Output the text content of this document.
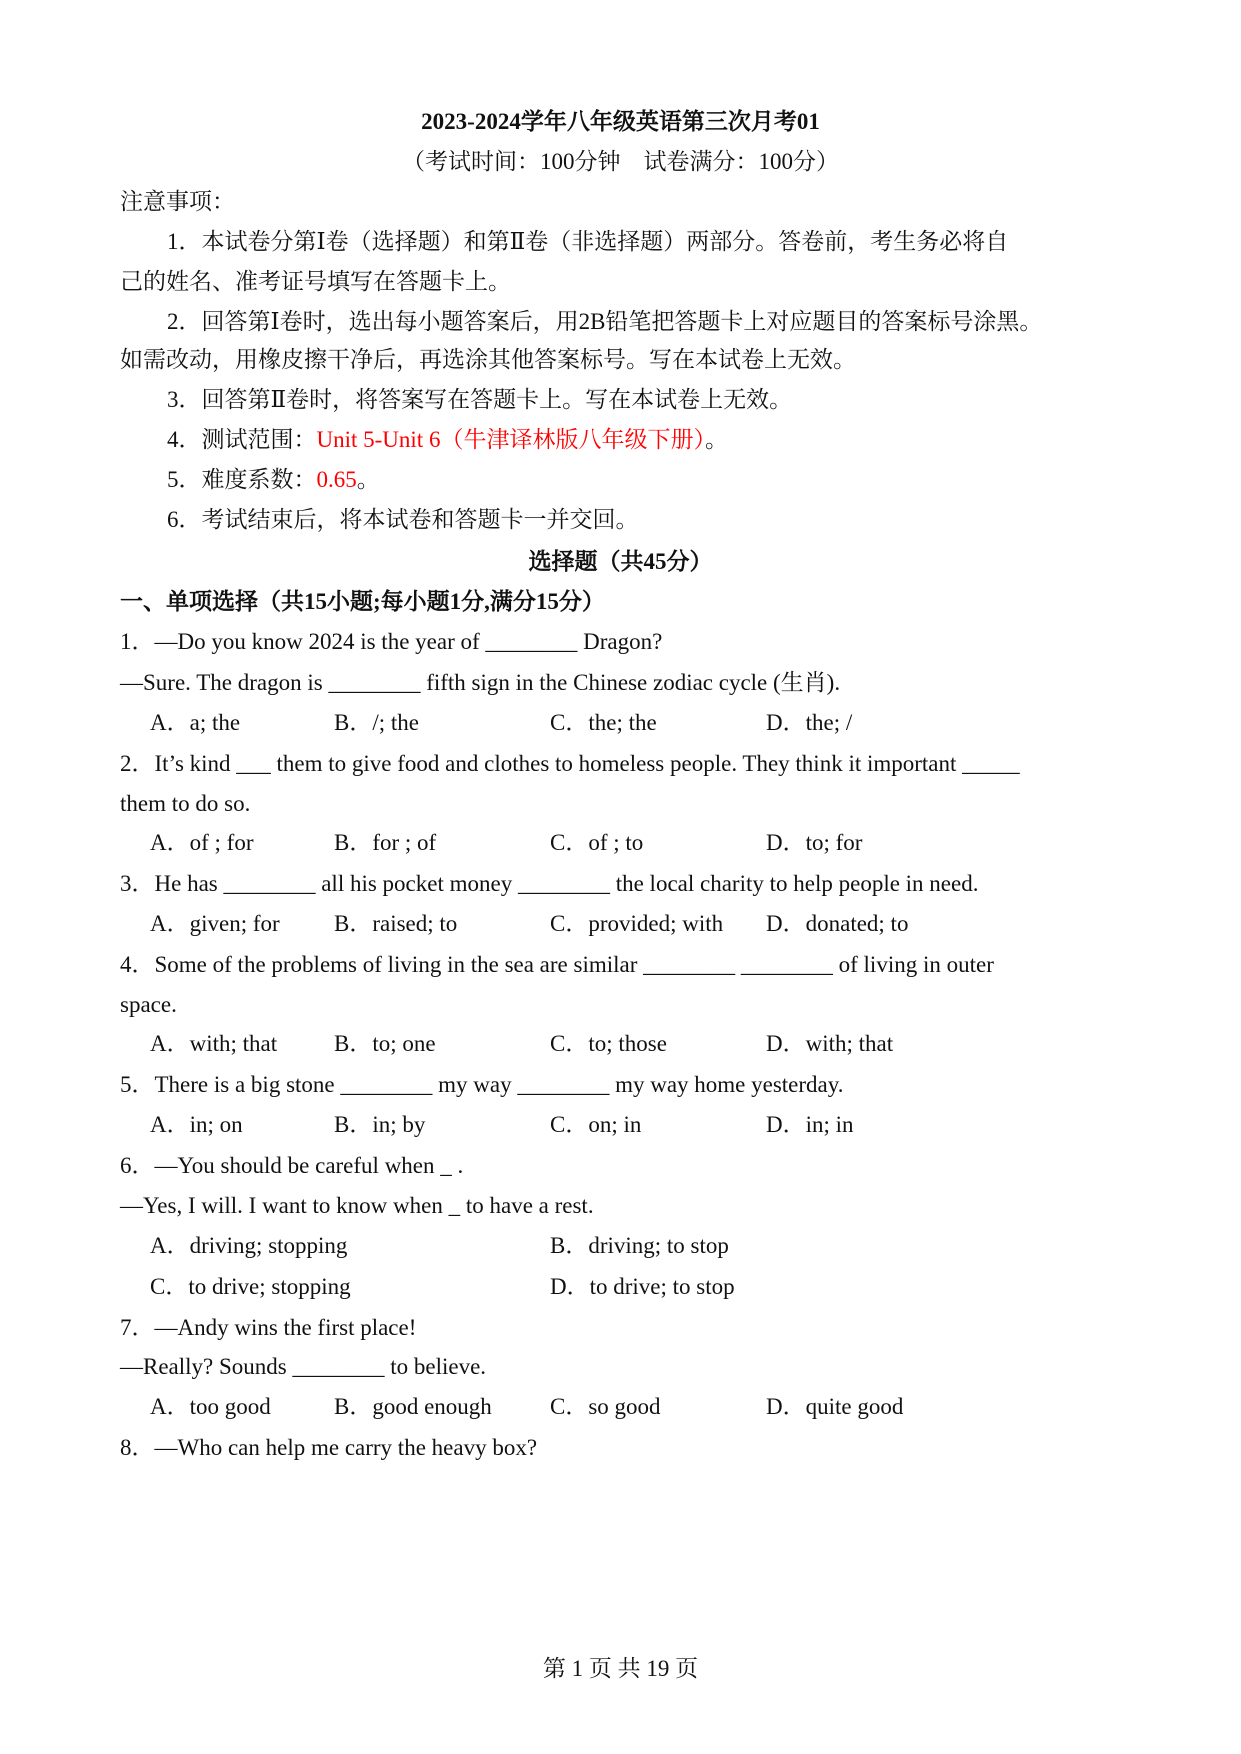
2023-2024学年八年级英语第三次月考01
（考试时间：100分钟　试卷满分：100分）
注意事项：
1．本试卷分第Ⅰ卷（选择题）和第Ⅱ卷（非选择题）两部分。答卷前，考生务必将自
己的姓名、准考证号填写在答题卡上。
2．回答第Ⅰ卷时，选出每小题答案后，用2B铅笔把答题卡上对应题目的答案标号涂黑。
如需改动，用橡皮擦干净后，再选涂其他答案标号。写在本试卷上无效。
3．回答第Ⅱ卷时，将答案写在答题卡上。写在本试卷上无效。
4．测试范围：Unit 5-Unit 6（牛津译林版八年级下册）。
5．难度系数：0.65。
6．考试结束后，将本试卷和答题卡一并交回。
选择题（共45分）
一、单项选择（共15小题;每小题1分,满分15分）
1．—Do you know 2024 is the year of ________ Dragon?
—Sure. The dragon is ________ fifth sign in the Chinese zodiac cycle (生肖).
A．a; the	B．/; the	C．the; the	D．the; /
2．It’s kind ___ them to give food and clothes to homeless people. They think it important _____
them to do so.
A．of ; for	B．for ; of	C．of ; to	D．to; for
3．He has ________ all his pocket money ________ the local charity to help people in need.
A．given; for B．raised; to	C．provided; with D．donated; to
4．Some of the problems of living in the sea are similar ________ ________ of living in outer
space.
A．with; that B．to; one	C．to; those	D．with; that
5．There is a big stone ________ my way ________ my way home yesterday.
A．in; on	B．in; by	C．on; in	D．in; in
6．—You should be careful when _ .
—Yes, I will. I want to know when _ to have a rest.
A．driving; stopping	B．driving; to stop
C．to drive; stopping	D．to drive; to stop
7．—Andy wins the first place!
—Really? Sounds ________ to believe.
A．too good	B．good enough	C．so good	D．quite good
8．—Who can help me carry the heavy box?
第 1 页 共 19 页
